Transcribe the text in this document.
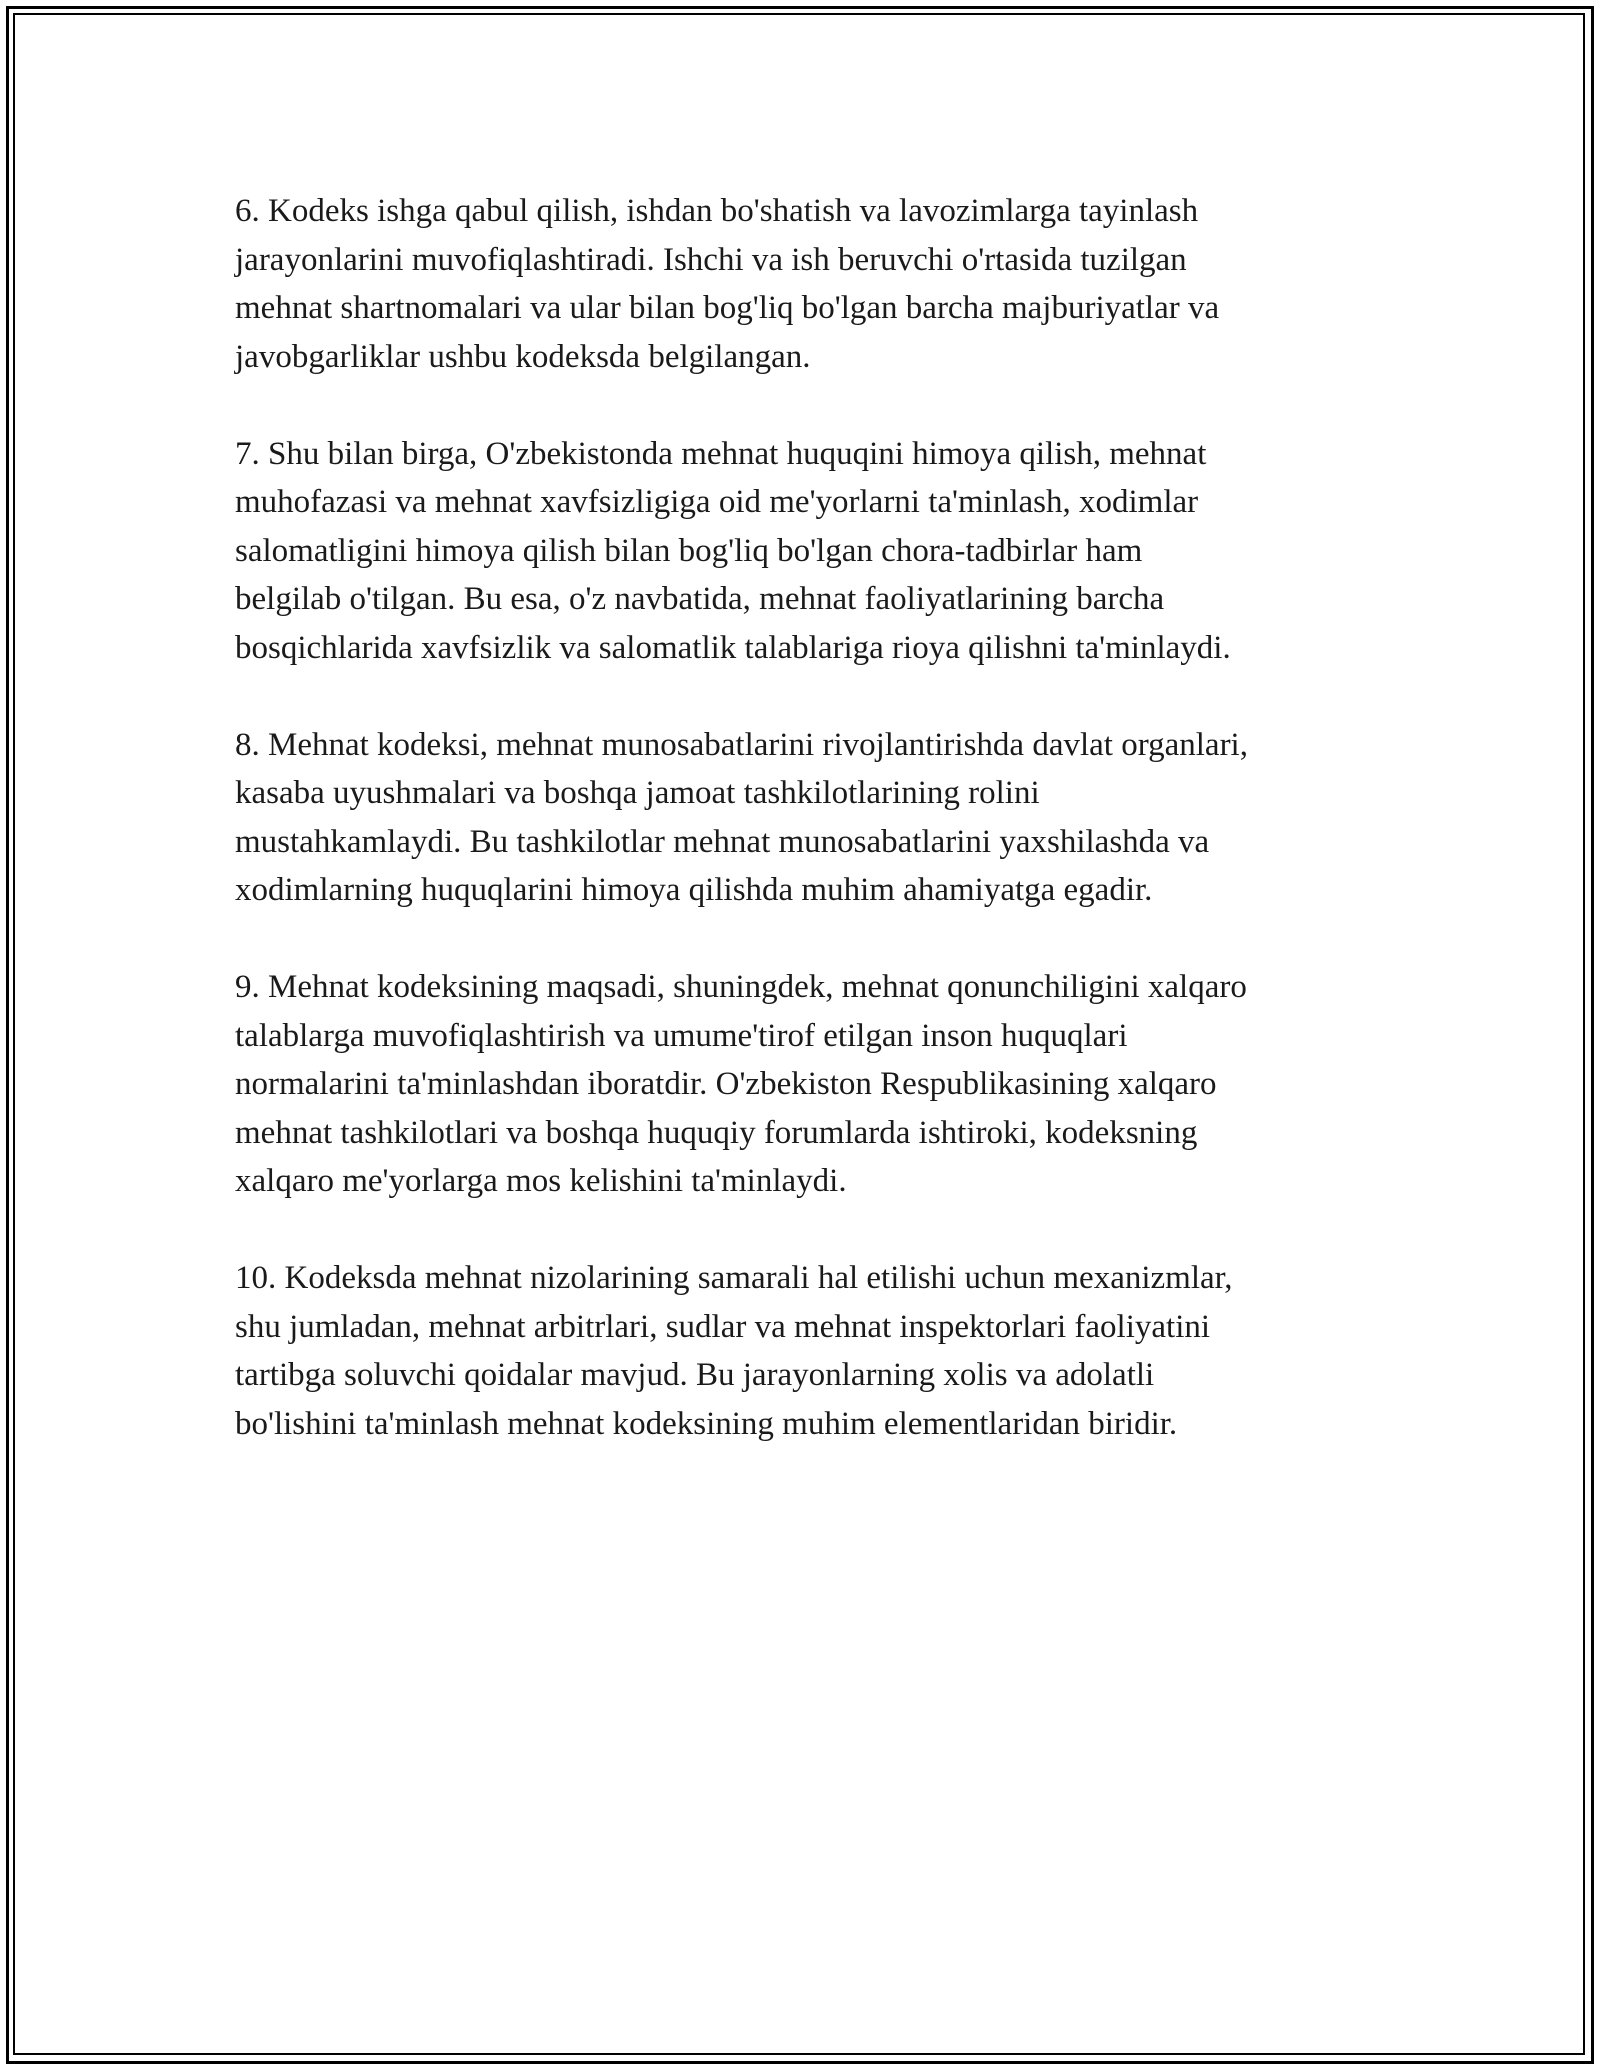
6. Kodeks ishga qabul qilish, ishdan bo'shatish va lavozimlarga tayinlash
jarayonlarini muvofiqlashtiradi. Ishchi va ish beruvchi o'rtasida tuzilgan
mehnat shartnomalari va ular bilan bog'liq bo'lgan barcha majburiyatlar va
javobgarliklar ushbu kodeksda belgilangan.

7. Shu bilan birga, O'zbekistonda mehnat huquqini himoya qilish, mehnat
muhofazasi va mehnat xavfsizligiga oid me'yorlarni ta'minlash, xodimlar
salomatligini himoya qilish bilan bog'liq bo'lgan chora-tadbirlar ham
belgilab o'tilgan. Bu esa, o'z navbatida, mehnat faoliyatlarining barcha
bosqichlarida xavfsizlik va salomatlik talablariga rioya qilishni ta'minlaydi.

8. Mehnat kodeksi, mehnat munosabatlarini rivojlantirishda davlat organlari,
kasaba uyushmalari va boshqa jamoat tashkilotlarining rolini
mustahkamlaydi. Bu tashkilotlar mehnat munosabatlarini yaxshilashda va
xodimlarning huquqlarini himoya qilishda muhim ahamiyatga egadir.

9. Mehnat kodeksining maqsadi, shuningdek, mehnat qonunchiligini xalqaro
talablarga muvofiqlashtirish va umume'tirof etilgan inson huquqlari
normalarini ta'minlashdan iboratdir. O'zbekiston Respublikasining xalqaro
mehnat tashkilotlari va boshqa huquqiy forumlarda ishtiroki, kodeksning
xalqaro me'yorlarga mos kelishini ta'minlaydi.

10. Kodeksda mehnat nizolarining samarali hal etilishi uchun mexanizmlar,
shu jumladan, mehnat arbitrlari, sudlar va mehnat inspektorlari faoliyatini
tartibga soluvchi qoidalar mavjud. Bu jarayonlarning xolis va adolatli
bo'lishini ta'minlash mehnat kodeksining muhim elementlaridan biridir.
